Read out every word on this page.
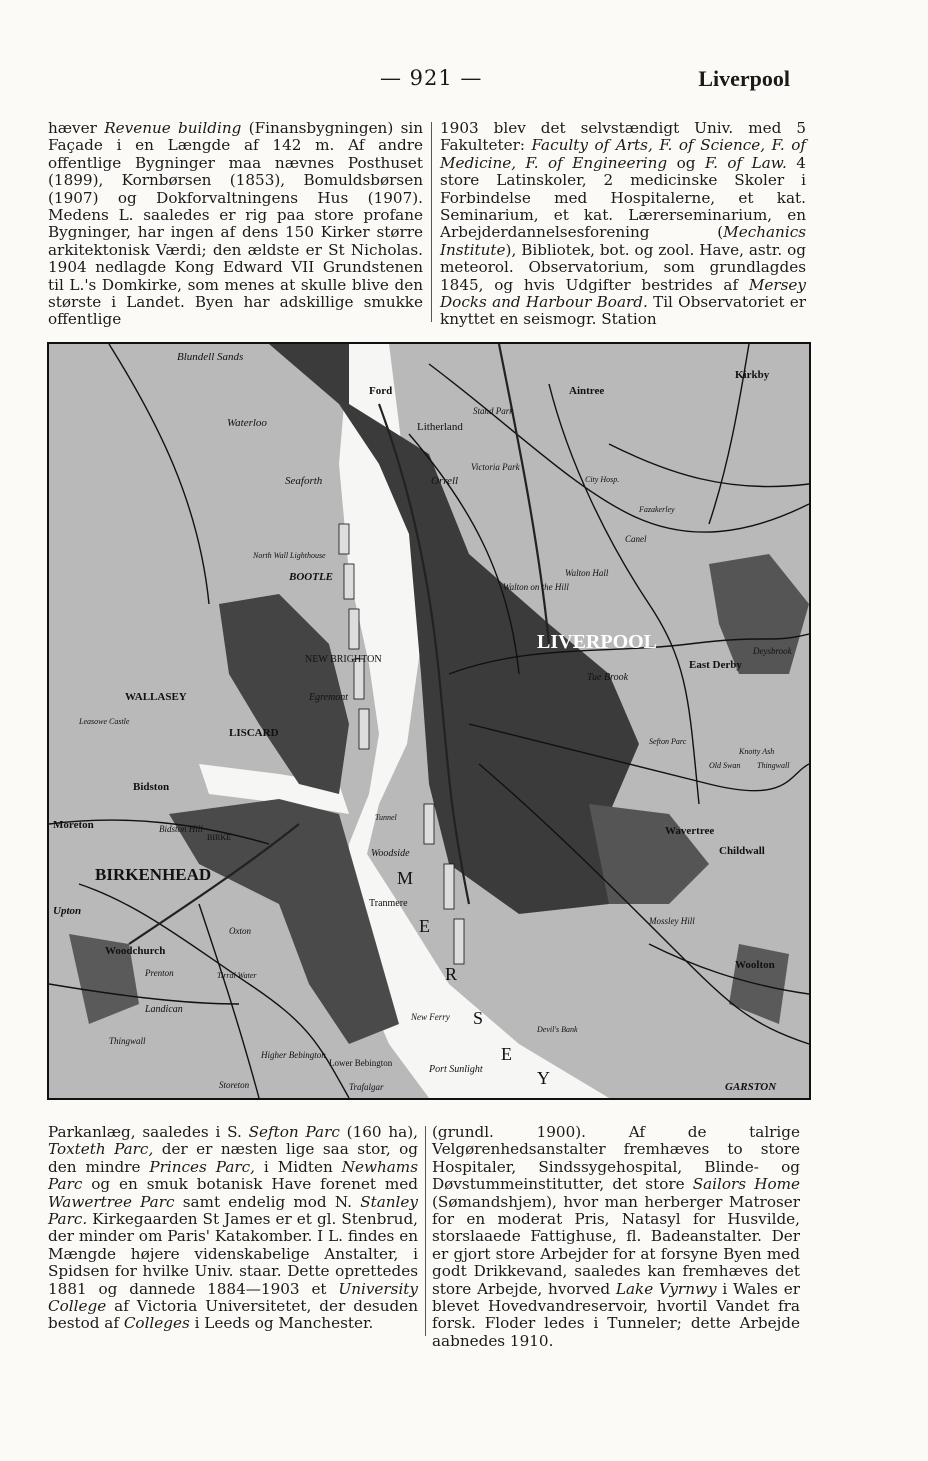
— 921 —	Liverpool

hæver Revenue building (Finansbygningen) sin Façade i en Længde af 142 m. Af andre offentlige Bygninger maa nævnes Posthuset (1899), Kornbørsen (1853), Bomuldsbørsen (1907) og Dokforvaltningens Hus (1907). Medens L. saaledes er rig paa store profane Bygninger, har ingen af dens 150 Kirker større arkitektonisk Værdi; den ældste er St Nicholas. 1904 nedlagde Kong Edward VII Grundstenen til L.'s Domkirke, som menes at skulle blive den største i Landet. Byen har adskillige smukke offentlige

1903 blev det selvstændigt Univ. med 5 Fakulteter: Faculty of Arts, F. of Science, F. of Medicine, F. of Engineering og F. of Law. 4 store Latinskoler, 2 medicinske Skoler i Forbindelse med Hospitalerne, et kat. Seminarium, et kat. Lærerseminarium, en Arbejderdannelsesforening (Mechanics Institute), Bibliotek, bot. og zool. Have, astr. og meteorol. Observatorium, som grundlagdes 1845, og hvis Udgifter bestrides af Mersey Docks and Harbour Board. Til Observatoriet er knyttet en seismogr. Station

Blundell Sands
Waterloo
Seaforth
Ford
Litherland
Stand Park
Aintree
Kirkby
Orrell
Victoria Park
City Hosp.
Fazakerley
Canel
North Wall Lighthouse
BOOTLE	Walton Hall
Walton on the Hill
LIVERPOOL
Tue Brook
Old Swan Thingwall
Knotty Ash
East Derby
Deysbrook
NEW BRIGHTON
Egremont
WALLASEY
Leasowe Castle
LISCARD
Bidston
Moreton	Bidston Hill
BIRKE
BIRKENHEAD
Tunnel
Woodside
Tranmere
Upton
Woodchurch
Prenton
Landican
Thingwall
Oxton
Tirral Water
Wavertree
Childwall
Mossley Hill
Woolton
New Ferry
Devil's Bank
Port Sunlight
Higher Bebington
Lower Bebington
Storeton	Trafalgar	GARSTON
M
E
R
S
E
Y
Sefton Parc

Parkanlæg, saaledes i S. Sefton Parc (160 ha), Toxteth Parc, der er næsten lige saa stor, og den mindre Princes Parc, i Midten Newhams Parc og en smuk botanisk Have forenet med Wawertree Parc samt endelig mod N. Stanley Parc. Kirkegaarden St James er et gl. Stenbrud, der minder om Paris' Katakomber. I L. findes en Mængde højere videnskabelige Anstalter, i Spidsen for hvilke Univ. staar. Dette oprettedes 1881 og dannede 1884—1903 et University College af Victoria Universitetet, der desuden bestod af Colleges i Leeds og Manchester.

(grundl. 1900). Af de talrige Velgørenhedsanstalter fremhæves to store Hospitaler, Sindssygehospital, Blinde- og Døvstummeinstitutter, det store Sailors Home (Sømandshjem), hvor man herberger Matroser for en moderat Pris, Natasyl for Husvilde, storslaaede Fattighuse, fl. Badeanstalter. Der er gjort store Arbejder for at forsyne Byen med godt Drikkevand, saaledes kan fremhæves det store Arbejde, hvorved Lake Vyrnwy i Wales er blevet Hovedvandreservoir, hvortil Vandet fra forsk. Floder ledes i Tunneler; dette Arbejde aabnedes 1910.
